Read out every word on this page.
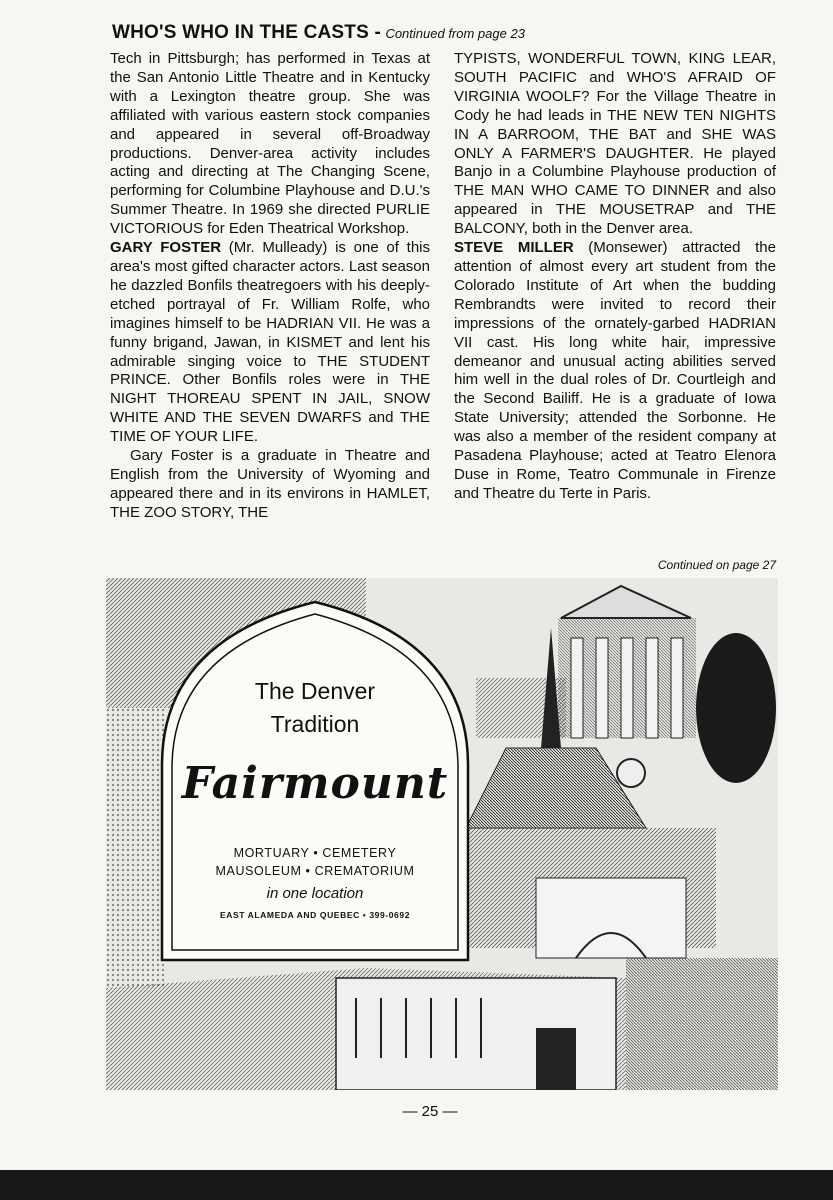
WHO'S WHO IN THE CASTS - Continued from page 23

Tech in Pittsburgh; has performed in Texas at the San Antonio Little Theatre and in Kentucky with a Lexington theatre group. She was affiliated with various eastern stock companies and appeared in several off-Broadway productions. Denver-area activity includes acting and directing at The Changing Scene, performing for Columbine Playhouse and D.U.'s Summer Theatre. In 1969 she directed PURLIE VICTORIOUS for Eden Theatrical Workshop.

GARY FOSTER (Mr. Mulleady) is one of this area's most gifted character actors. Last season he dazzled Bonfils theatregoers with his deeply-etched portrayal of Fr. William Rolfe, who imagines himself to be HADRIAN VII. He was a funny brigand, Jawan, in KISMET and lent his admirable singing voice to THE STUDENT PRINCE. Other Bonfils roles were in THE NIGHT THOREAU SPENT IN JAIL, SNOW WHITE AND THE SEVEN DWARFS and THE TIME OF YOUR LIFE.

Gary Foster is a graduate in Theatre and English from the University of Wyoming and appeared there and in its environs in HAMLET, THE ZOO STORY, THE

TYPISTS, WONDERFUL TOWN, KING LEAR, SOUTH PACIFIC and WHO'S AFRAID OF VIRGINIA WOOLF? For the Village Theatre in Cody he had leads in THE NEW TEN NIGHTS IN A BARROOM, THE BAT and SHE WAS ONLY A FARMER'S DAUGHTER. He played Banjo in a Columbine Playhouse production of THE MAN WHO CAME TO DINNER and also appeared in THE MOUSETRAP and THE BALCONY, both in the Denver area.

STEVE MILLER (Monsewer) attracted the attention of almost every art student from the Colorado Institute of Art when the budding Rembrandts were invited to record their impressions of the ornately-garbed HADRIAN VII cast. His long white hair, impressive demeanor and unusual acting abilities served him well in the dual roles of Dr. Courtleigh and the Second Bailiff. He is a graduate of Iowa State University; attended the Sorbonne. He was also a member of the resident company at Pasadena Playhouse; acted at Teatro Elenora Duse in Rome, Teatro Communale in Firenze and Theatre du Terte in Paris.

Continued on page 27
The Denver
Tradition
Fairmount
MORTUARY • CEMETERY
MAUSOLEUM • CREMATORIUM
in one location
EAST ALAMEDA AND QUEBEC • 399-0692
— 25 —
